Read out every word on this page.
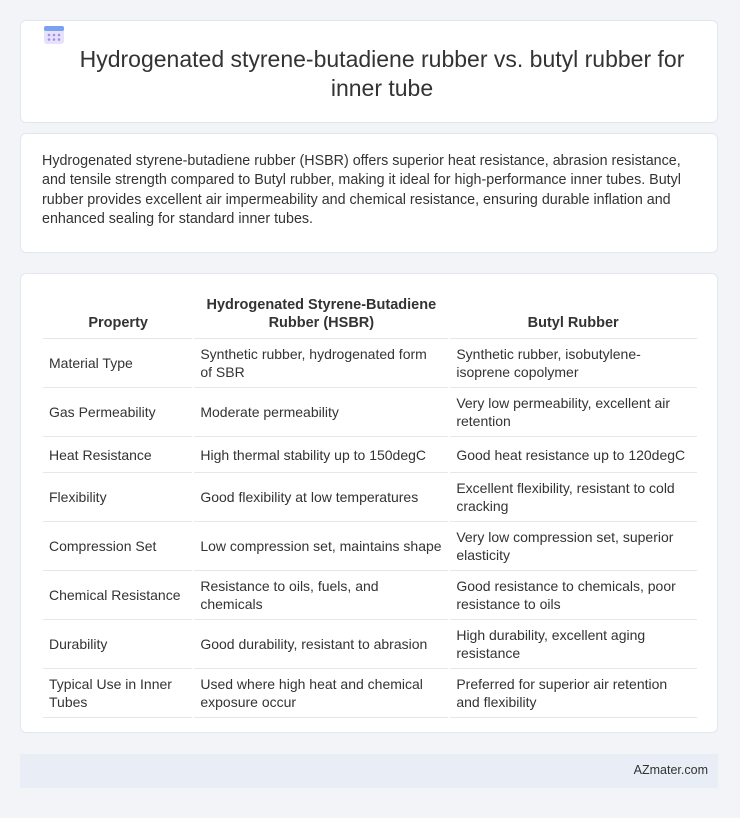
Hydrogenated styrene-butadiene rubber vs. butyl rubber for inner tube

Hydrogenated styrene-butadiene rubber (HSBR) offers superior heat resistance, abrasion resistance, and tensile strength compared to Butyl rubber, making it ideal for high-performance inner tubes. Butyl rubber provides excellent air impermeability and chemical resistance, ensuring durable inflation and enhanced sealing for standard inner tubes.

Property	Hydrogenated Styrene-Butadiene Rubber (HSBR)	Butyl Rubber
Material Type	Synthetic rubber, hydrogenated form of SBR	Synthetic rubber, isobutylene-isoprene copolymer
Gas Permeability	Moderate permeability	Very low permeability, excellent air retention
Heat Resistance	High thermal stability up to 150degC	Good heat resistance up to 120degC
Flexibility	Good flexibility at low temperatures	Excellent flexibility, resistant to cold cracking
Compression Set	Low compression set, maintains shape	Very low compression set, superior elasticity
Chemical Resistance	Resistance to oils, fuels, and chemicals	Good resistance to chemicals, poor resistance to oils
Durability	Good durability, resistant to abrasion	High durability, excellent aging resistance
Typical Use in Inner Tubes	Used where high heat and chemical exposure occur	Preferred for superior air retention and flexibility
AZmater.com
